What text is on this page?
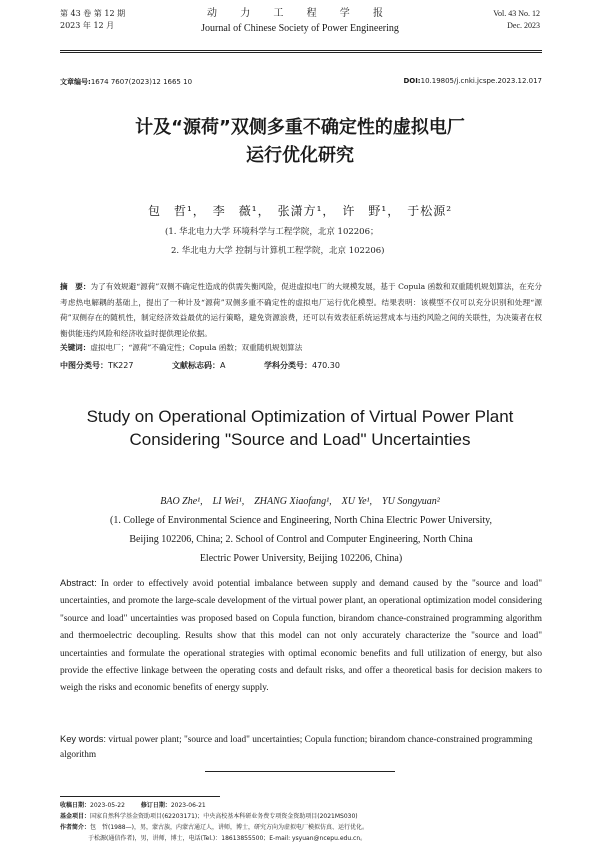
第 43 卷 第 12 期
2023 年 12 月
动 力 工 程 学 报
Journal of Chinese Society of Power Engineering
Vol. 43 No. 12
Dec. 2023
文章编号:1674 7607(2023)12 1665 10	DOI:10.19805/j.cnki.jcspe.2023.12.017
计及“源荷”双侧多重不确定性的虚拟电厂
运行优化研究
包　哲¹，　李　薇¹，　张潇方¹，　许　野¹，　于松源²
(1. 华北电力大学 环境科学与工程学院，北京 102206；
2. 华北电力大学 控制与计算机工程学院，北京 102206)
摘　要：为了有效规避“源荷”双侧不确定性造成的供需失衡风险，促进虚拟电厂的大规模发展，基于 Copula 函数和双重随机规划算法，在充分考虑热电解耦的基础上，提出了一种计及“源荷”双侧多重不确定性的虚拟电厂运行优化模型。结果表明：该模型不仅可以充分识别和处理“源荷”双侧存在的随机性，制定经济效益最优的运行策略，避免资源浪费，还可以有效表征系统运营成本与违约风险之间的关联性，为决策者在权衡供能违约风险和经济收益时提供理论依据。
关键词：虚拟电厂；“源荷”不确定性；Copula 函数；双重随机规划算法
中图分类号：TK227	文献标志码：A	学科分类号：470.30
Study on Operational Optimization of Virtual Power Plant
Considering "Source and Load" Uncertainties
BAO Zhe¹,　LI Wei¹,　ZHANG Xiaofang¹,　XU Ye¹,　YU Songyuan²
(1. College of Environmental Science and Engineering, North China Electric Power University,
Beijing 102206, China; 2. School of Control and Computer Engineering, North China
Electric Power University, Beijing 102206, China)
Abstract: In order to effectively avoid potential imbalance between supply and demand caused by the "source and load" uncertainties, and promote the large-scale development of the virtual power plant, an operational optimization model considering "source and load" uncertainties was proposed based on Copula function, birandom chance-constrained programming algorithm and thermoelectric decoupling. Results show that this model can not only accurately characterize the "source and load" uncertainties and formulate the operational strategies with optimal economic benefits and full utilization of energy, but also provide the effective linkage between the operating costs and default risks, and offer a theoretical basis for decision makers to weigh the risks and economic benefits of energy supply.
Key words: virtual power plant; "source and load" uncertainties; Copula function; birandom chance-constrained programming algorithm
收稿日期：2023-05-22	修订日期：2023-06-21
基金项目：国家自然科学基金资助项目(62203171)；中央高校基本科研业务费专项资金资助项目(2021MS030)
作者简介：包　哲(1988—)，男，蒙古族，内蒙古通辽人，讲师，博士，研究方向为虚拟电厂模拟仿真、运行优化。
于松源(通信作者)，男，讲师，博士，电话(Tel.)：18613855500；E-mail: ysyuan@ncepu.edu.cn。
